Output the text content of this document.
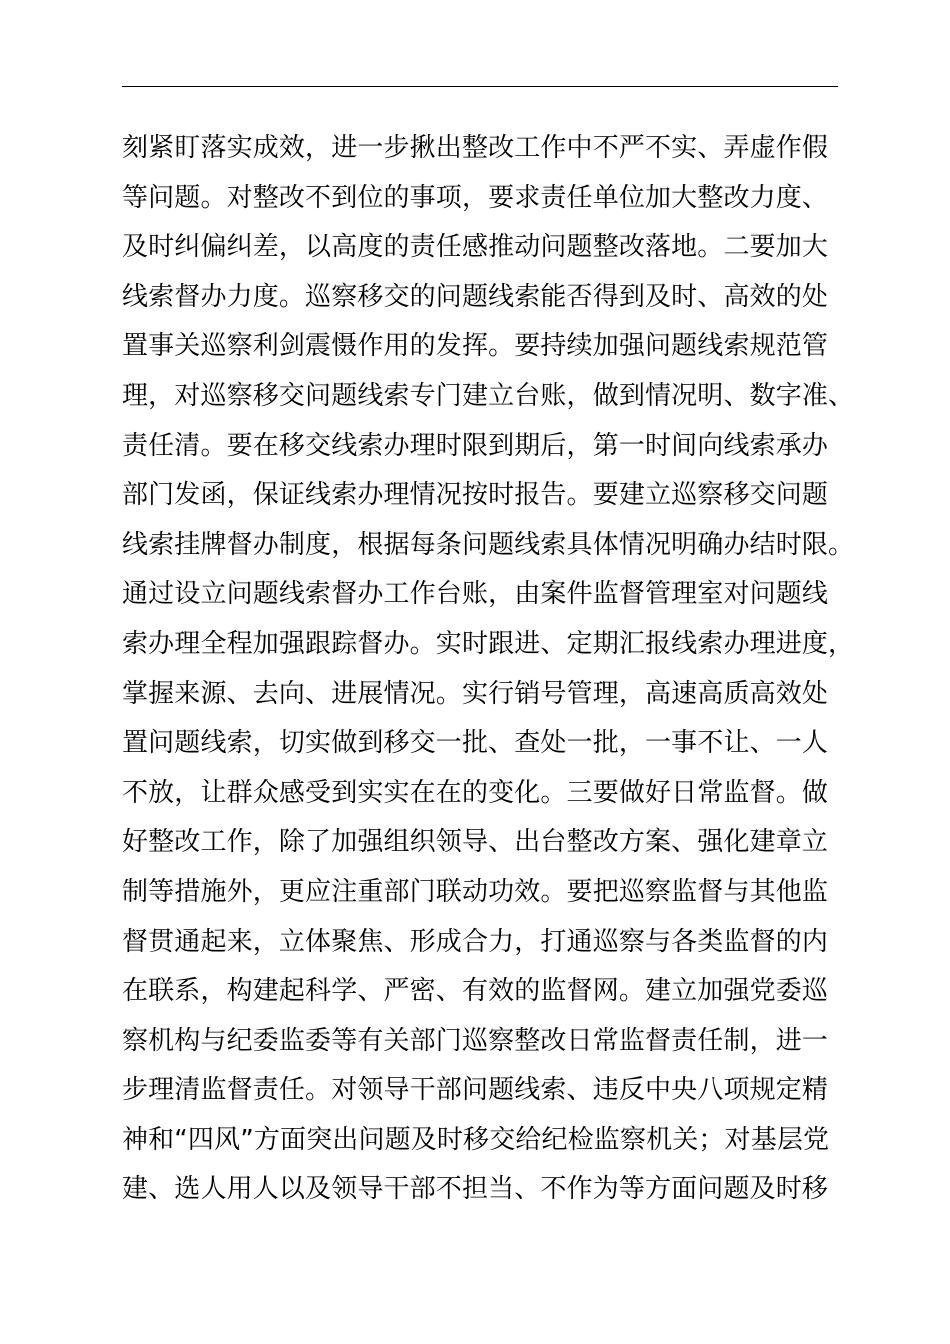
刻紧盯落实成效，进一步揪出整改工作中不严不实、弄虚作假
等问题。对整改不到位的事项，要求责任单位加大整改力度、
及时纠偏纠差，以高度的责任感推动问题整改落地。二要加大
线索督办力度。巡察移交的问题线索能否得到及时、高效的处
置事关巡察利剑震慑作用的发挥。要持续加强问题线索规范管
理，对巡察移交问题线索专门建立台账，做到情况明、数字准、
责任清。要在移交线索办理时限到期后，第一时间向线索承办
部门发函，保证线索办理情况按时报告。要建立巡察移交问题
线索挂牌督办制度，根据每条问题线索具体情况明确办结时限。
通过设立问题线索督办工作台账，由案件监督管理室对问题线
索办理全程加强跟踪督办。实时跟进、定期汇报线索办理进度，
掌握来源、去向、进展情况。实行销号管理，高速高质高效处
置问题线索，切实做到移交一批、查处一批，一事不让、一人
不放，让群众感受到实实在在的变化。三要做好日常监督。做
好整改工作，除了加强组织领导、出台整改方案、强化建章立
制等措施外，更应注重部门联动功效。要把巡察监督与其他监
督贯通起来，立体聚焦、形成合力，打通巡察与各类监督的内
在联系，构建起科学、严密、有效的监督网。建立加强党委巡
察机构与纪委监委等有关部门巡察整改日常监督责任制，进一
步理清监督责任。对领导干部问题线索、违反中央八项规定精
神和“四风”方面突出问题及时移交给纪检监察机关；对基层党
建、选人用人以及领导干部不担当、不作为等方面问题及时移
